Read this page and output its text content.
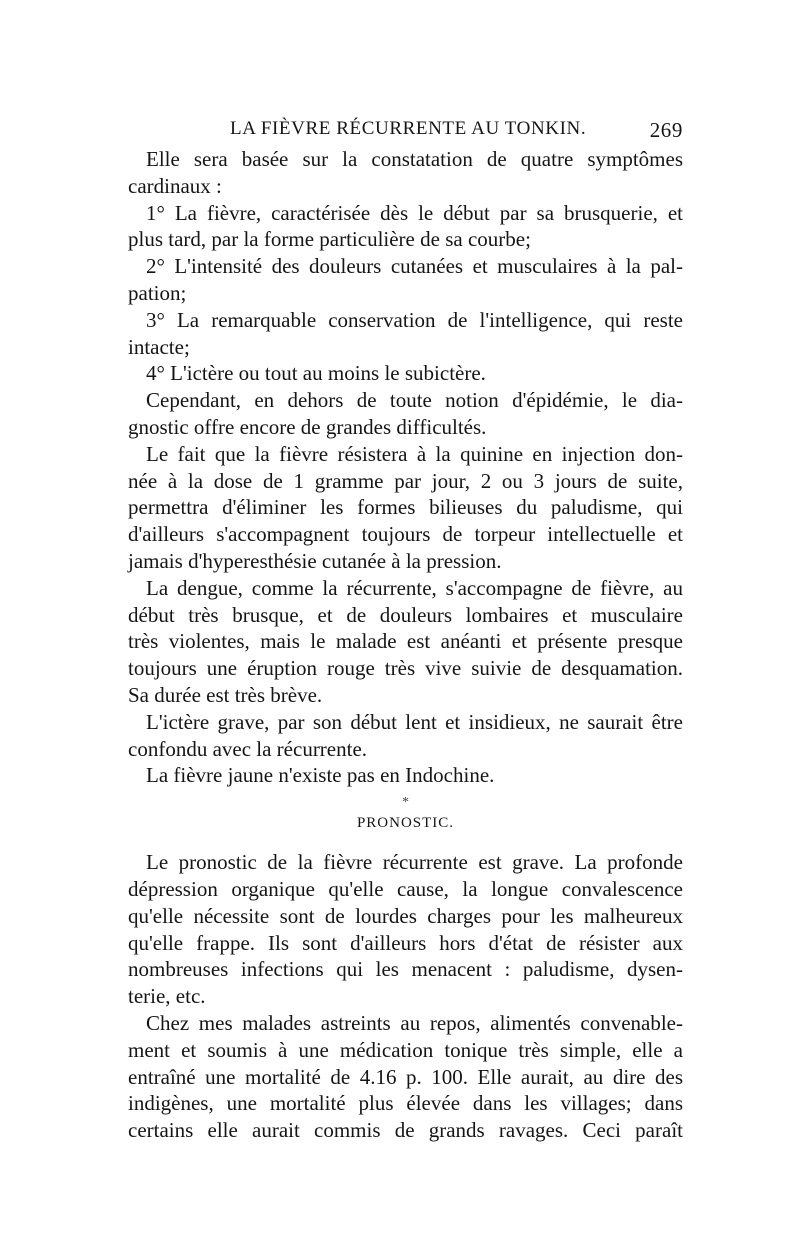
LA FIÈVRE RÉCURRENTE AU TONKIN.	269
Elle sera basée sur la constatation de quatre symptômes
cardinaux :
1° La fièvre, caractérisée dès le début par sa brusquerie, et
plus tard, par la forme particulière de sa courbe;
2° L'intensité des douleurs cutanées et musculaires à la pal-
pation;
3° La remarquable conservation de l'intelligence, qui reste
intacte;
4° L'ictère ou tout au moins le subictère.
Cependant, en dehors de toute notion d'épidémie, le dia-
gnostic offre encore de grandes difficultés.
Le fait que la fièvre résistera à la quinine en injection don-
née à la dose de 1 gramme par jour, 2 ou 3 jours de suite,
permettra d'éliminer les formes bilieuses du paludisme, qui
d'ailleurs s'accompagnent toujours de torpeur intellectuelle et
jamais d'hyperesthésie cutanée à la pression.
La dengue, comme la récurrente, s'accompagne de fièvre, au
début très brusque, et de douleurs lombaires et musculaire
très violentes, mais le malade est anéanti et présente presque
toujours une éruption rouge très vive suivie de desquamation.
Sa durée est très brève.
L'ictère grave, par son début lent et insidieux, ne saurait être
confondu avec la récurrente.
La fièvre jaune n'existe pas en Indochine.
*
PRONOSTIC.
Le pronostic de la fièvre récurrente est grave. La profonde
dépression organique qu'elle cause, la longue convalescence
qu'elle nécessite sont de lourdes charges pour les malheureux
qu'elle frappe. Ils sont d'ailleurs hors d'état de résister aux
nombreuses infections qui les menacent : paludisme, dysen-
terie, etc.
Chez mes malades astreints au repos, alimentés convenable-
ment et soumis à une médication tonique très simple, elle a
entraîné une mortalité de 4.16 p. 100. Elle aurait, au dire des
indigènes, une mortalité plus élevée dans les villages; dans
certains elle aurait commis de grands ravages. Ceci paraît
